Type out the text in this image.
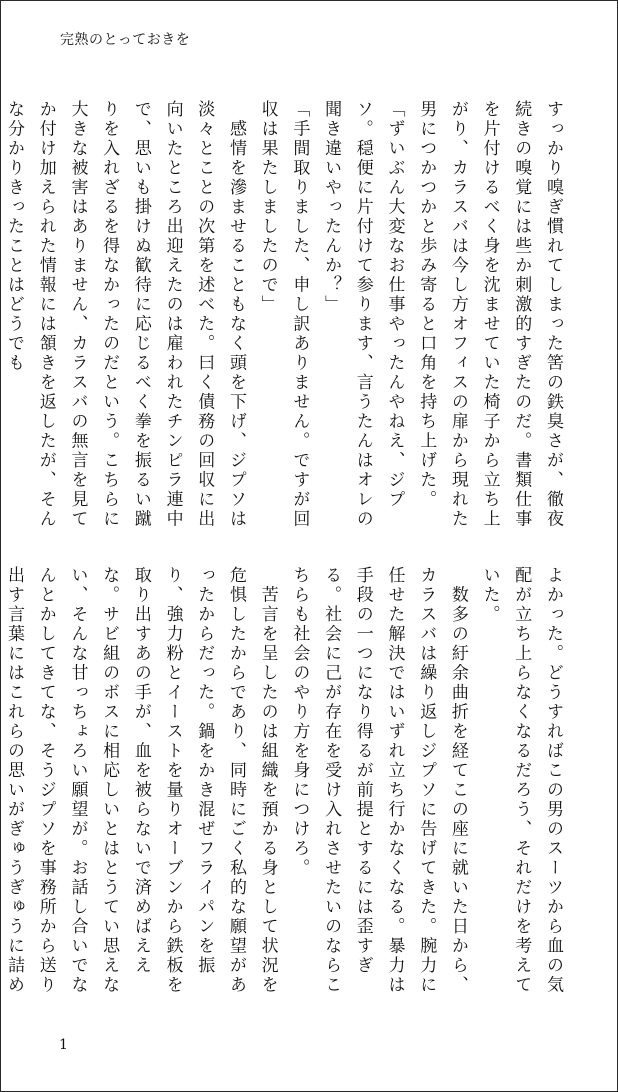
完熟のとっておきを

すっかり嗅ぎ慣れてしまった筈の鉄臭さが、徹夜続きの嗅覚には些か刺激的すぎたのだ。書類仕事を片付けるべく身を沈ませていた椅子から立ち上がり、カラスバは今し方オフィスの扉から現れた男につかつかと歩み寄ると口角を持ち上げた。

「ずいぶん大変なお仕事やったんやねえ、ジプソ。穏便に片付けて参ります、言うたんはオレの聞き違いやったんか？」

「手間取りました、申し訳ありません。ですが回収は果たしましたので」

　感情を滲ませることもなく頭を下げ、ジプソは淡々とことの次第を述べた。曰く債務の回収に出向いたところ出迎えたのは雇われたチンピラ連中で、思いも掛けぬ歓待に応じるべく拳を振るい蹴りを入れざるを得なかったのだという。こちらに大きな被害はありません、カラスバの無言を見てか付け加えられた情報には頷きを返したが、そんな分かりきったことはどうでも

よかった。どうすればこの男のスーツから血の気配が立ち上らなくなるだろう、それだけを考えていた。

　数多の紆余曲折を経てこの座に就いた日から、カラスバは繰り返しジプソに告げてきた。腕力に任せた解決ではいずれ立ち行かなくなる。暴力は手段の一つになり得るが前提とするには歪すぎる。社会に己が存在を受け入れさせたいのならこちらも社会のやり方を身につけろ。

　苦言を呈したのは組織を預かる身として状況を危惧したからであり、同時にごく私的な願望があったからだった。鍋をかき混ぜフライパンを振り、強力粉とイーストを量りオーブンから鉄板を取り出すあの手が、血を被らないで済めばええな。サビ組のボスに相応しいとはとうてい思えない、そんな甘っちょろい願望が。お話し合いでなんとかしてきてな、そうジプソを事務所から送り出す言葉にはこれらの思いがぎゅうぎゅうに詰め

1
